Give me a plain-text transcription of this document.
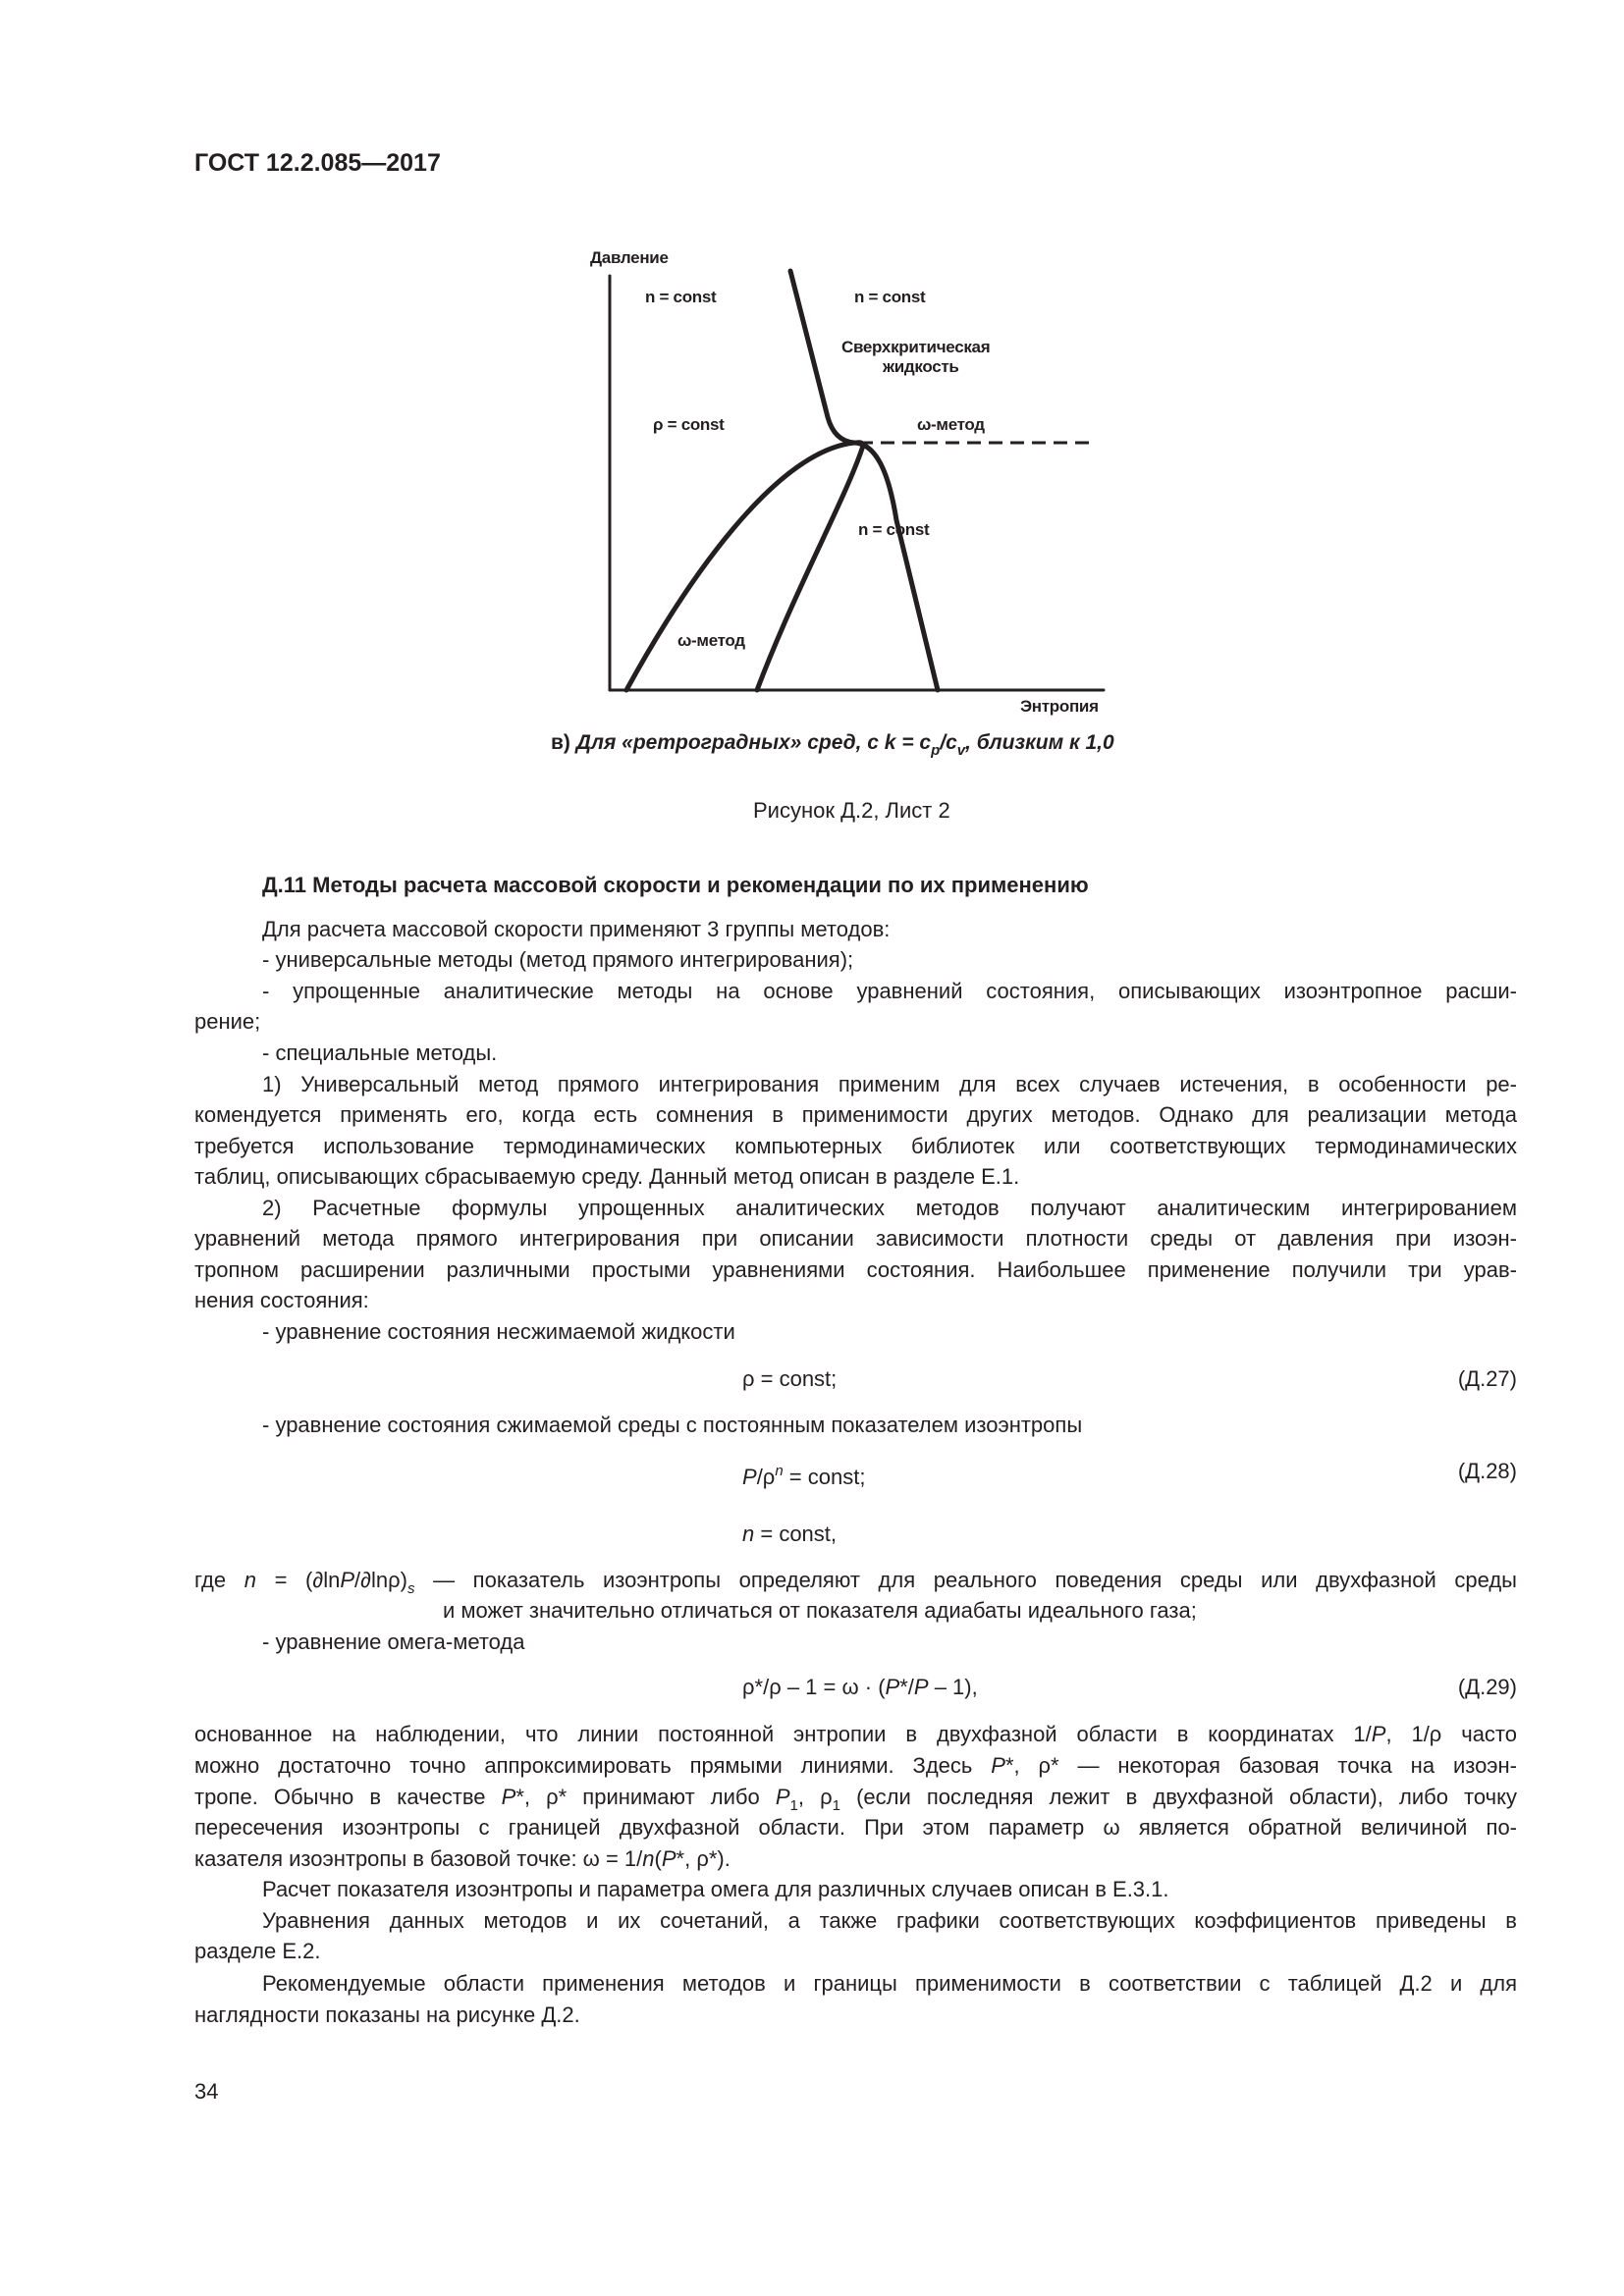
ГОСТ 12.2.085—2017
Давление
Энтропия
n = const	n = const
Сверхкритическая
жидкость
ρ = const	ω-метод
n = const
ω-метод
в) Для «ретроградных» сред, с $k = c_p/c_v$, близким к 1,0
Рисунок Д.2, Лист 2
Д.11 Методы расчета массовой скорости и рекомендации по их применению
Для расчета массовой скорости применяют 3 группы методов:
- универсальные методы (метод прямого интегрирования);
- упрощенные аналитические методы на основе уравнений состояния, описывающих изоэнтропное расши-
рение;
- специальные методы.
1) Универсальный метод прямого интегрирования применим для всех случаев истечения, в особенности ре-
комендуется применять его, когда есть сомнения в применимости других методов. Однако для реализации метода
требуется использование термодинамических компьютерных библиотек или соответствующих термодинамических
таблиц, описывающих сбрасываемую среду. Данный метод описан в разделе Е.1.
2) Расчетные формулы упрощенных аналитических методов получают аналитическим интегрированием
уравнений метода прямого интегрирования при описании зависимости плотности среды от давления при изоэн-
тропном расширении различными простыми уравнениями состояния. Наибольшее применение получили три урав-
нения состояния:
- уравнение состояния несжимаемой жидкости
ρ = const;	(Д.27)
- уравнение состояния сжимаемой среды с постоянным показателем изоэнтропы
$P/\rho^n$ = const;	(Д.28)
n = const,
где $n = (\partial\ln P/\partial\ln\rho)_s$ — показатель изоэнтропы определяют для реального поведения среды или двухфазной среды
и может значительно отличаться от показателя адиабаты идеального газа;
- уравнение омега-метода
ρ*/ρ – 1 = ω · (P*/P – 1),	(Д.29)
основанное на наблюдении, что линии постоянной энтропии в двухфазной области в координатах 1/P, 1/ρ часто
можно достаточно точно аппроксимировать прямыми линиями. Здесь P*, ρ* — некоторая базовая точка на изоэн-
тропе. Обычно в качестве P*, ρ* принимают либо $P_1$, $\rho_1$ (если последняя лежит в двухфазной области), либо точку
пересечения изоэнтропы с границей двухфазной области. При этом параметр ω является обратной величиной по-
казателя изоэнтропы в базовой точке: ω = 1/n(P*, ρ*).
Расчет показателя изоэнтропы и параметра омега для различных случаев описан в Е.3.1.
Уравнения данных методов и их сочетаний, а также графики соответствующих коэффициентов приведены в
разделе Е.2.
Рекомендуемые области применения методов и границы применимости в соответствии с таблицей Д.2 и для
наглядности показаны на рисунке Д.2.
34
